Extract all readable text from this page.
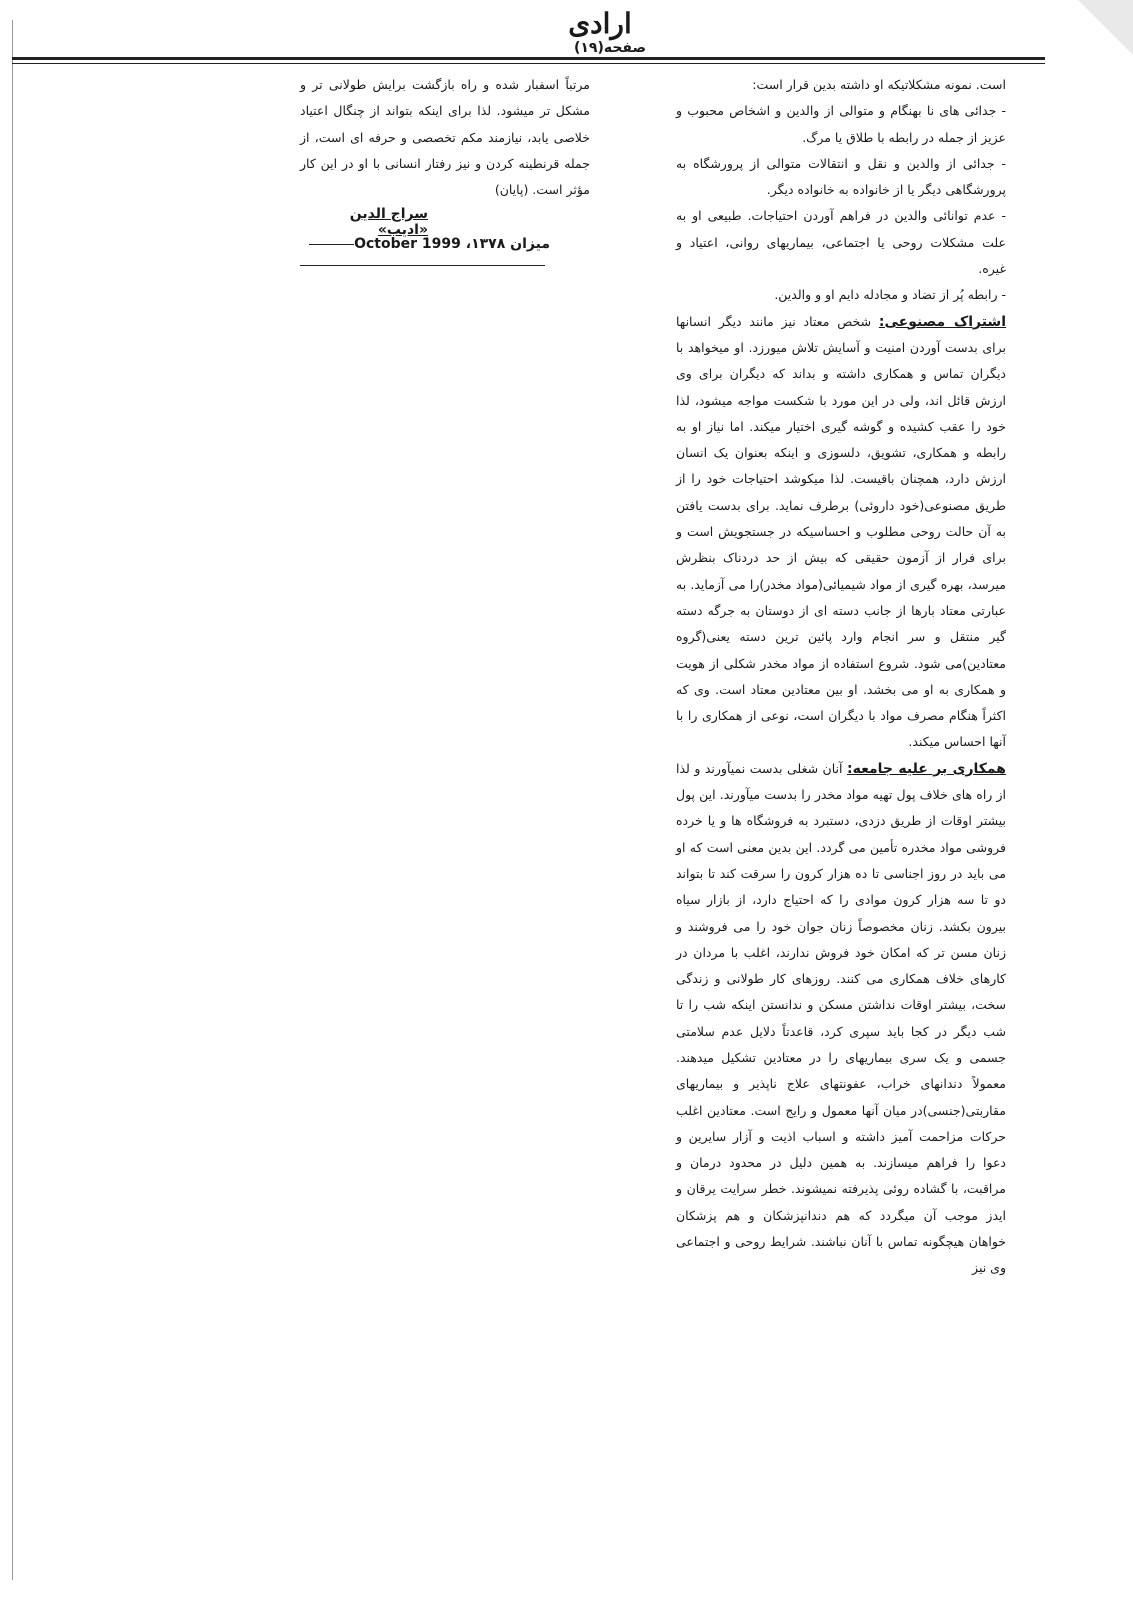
ارادی
صفحه(۱۹)

است. نمونه مشکلاتیکه او داشته بدین قرار است:

- جدائی های نا بهنگام و متوالی از والدین و اشخاص محبوب و عزیز از جمله در رابطه با طلاق یا مرگ.

- جدائی از والدین و نقل و انتقالات متوالی از پرورشگاه به پرورشگاهی دیگر یا از خانواده به خانواده دیگر.

- عدم توانائی والدین در فراهم آوردن احتیاجات. طبیعی او به علت مشکلات روحی یا اجتماعی، بیماریهای روانی، اعتیاد و غیره.

- رابطه پُر از تضاد و مجادله دایم او و والدین.

اشتراک مصنوعی: شخص معتاد نیز مانند دیگر انسانها برای بدست آوردن امنیت و آسایش تلاش میورزد. او میخواهد با دیگران تماس و همکاری داشته و بداند که دیگران برای وی ارزش قائل اند، ولی در این مورد با شکست مواجه میشود، لذا خود را عقب کشیده و گوشه گیری اختیار میکند. اما نیاز او به رابطه و همکاری، تشویق، دلسوزی و اینکه بعنوان یک انسان ارزش دارد، همچنان باقیست. لذا میکوشد احتیاجات خود را از طریق مصنوعی(خود داروئی) برطرف نماید. برای بدست یافتن به آن حالت روحی مطلوب و احساسیکه در جستجویش است و برای فرار از آزمون حقیقی که بیش از حد دردناک بنظرش میرسد، بهره گیری از مواد شیمیائی(مواد مخدر)را می آزماید. به عبارتی معتاد بارها از جانب دسته ای از دوستان به جرگه دسته گیر منتقل و سر انجام وارد پائین ترین دسته یعنی(گروه معتادین)می شود. شروع استفاده از مواد مخدر شکلی از هویت و همکاری به او می بخشد. او بین معتادین معتاد است. وی که اکثراً هنگام مصرف مواد با دیگران است، نوعی از همکاری را با آنها احساس میکند.

همکاری بر علیه جامعه: آنان شغلی بدست نمیآورند و لذا از راه های خلاف پول تهیه مواد مخدر را بدست میآورند. این پول بیشتر اوقات از طریق دزدی، دستبرد به فروشگاه ها و یا خرده فروشی مواد مخدره تأمین می گردد. این بدین معنی است که او می باید در روز اجناسی تا ده هزار کرون را سرقت کند تا بتواند دو تا سه هزار کرون موادی را که احتیاج دارد، از بازار سیاه بیرون بکشد. زنان مخصوصاً زنان جوان خود را می فروشند و زنان مسن تر که امکان خود فروش ندارند، اغلب با مردان در کارهای خلاف همکاری می کنند. روزهای کار طولانی و زندگی سخت، بیشتر اوقات نداشتن مسکن و ندانستن اینکه شب را تا شب دیگر در کجا باید سپری کرد، قاعدتاً دلایل عدم سلامتی جسمی و یک سری بیماریهای را در معتادین تشکیل میدهند. معمولاً دندانهای خراب، عفونتهای علاج ناپذیر و بیماریهای مقاربتی(جنسی)در میان آنها معمول و رایج است. معتادین اغلب حرکات مزاحمت آمیز داشته و اسباب اذیت و آزار سایرین و دعوا را فراهم میسازند. به همین دلیل در محدود درمان و مراقبت، با گشاده روئی پذیرفته نمیشوند. خطر سرایت یرقان و ایدز موجب آن میگردد که هم دندانپزشکان و هم پزشکان خواهان هیچگونه تماس با آنان نباشند. شرایط روحی و اجتماعی وی نیز

مرتباً اسفبار شده و راه بازگشت برایش طولانی تر و مشکل تر میشود. لذا برای اینکه بتواند از چنگال اعتیاد خلاصی یابد، نیازمند مکم تخصصی و حرفه ای است، از جمله قرنطینه کردن و نیز رفتار انسانی با او در این کار مؤثر است. (پایان)

سراج الدین «ادیب»
میزان ۱۳۷۸، October 1999
